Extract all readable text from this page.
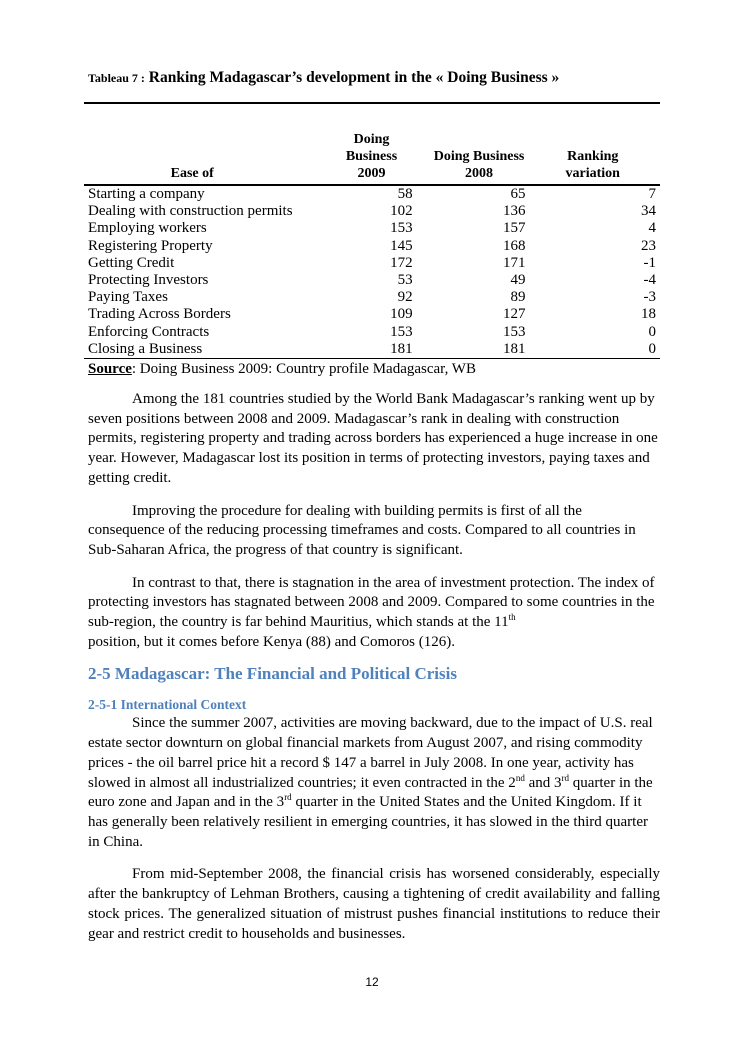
Tableau 7 : Ranking Madagascar’s development in the « Doing Business »
Ease of	Doing Business 2009	Doing Business 2008	Ranking variation
Starting a company	58	65	7
Dealing with construction permits	102	136	34
Employing workers	153	157	4
Registering Property	145	168	23
Getting Credit	172	171	-1
Protecting Investors	53	49	-4
Paying Taxes	92	89	-3
Trading Across Borders	109	127	18
Enforcing Contracts	153	153	0
Closing a Business	181	181	0
Source: Doing Business 2009: Country profile Madagascar, WB
Among the 181 countries studied by the World Bank Madagascar’s ranking went up by seven positions between 2008 and 2009. Madagascar’s rank in dealing with construction permits, registering property and trading across borders has experienced a huge increase in one year. However, Madagascar lost its position in terms of protecting investors, paying taxes and getting credit.
Improving the procedure for dealing with building permits is first of all the consequence of the reducing processing timeframes and costs. Compared to all countries in Sub-Saharan Africa, the progress of that country is significant.
In contrast to that, there is stagnation in the area of investment protection. The index of protecting investors has stagnated between 2008 and 2009. Compared to some countries in the sub-region, the country is far behind Mauritius, which stands at the 11th
position, but it comes before Kenya (88) and Comoros (126).
2-5 Madagascar: The Financial and Political Crisis
2-5-1 International Context
Since the summer 2007, activities are moving backward, due to the impact of U.S. real estate sector downturn on global financial markets from August 2007, and rising commodity prices - the oil barrel price hit a record $ 147 a barrel in July 2008. In one year, activity has slowed in almost all industrialized countries; it even contracted in the 2nd and 3rd quarter in the euro zone and Japan and in the 3rd quarter in the United States and the United Kingdom. If it has generally been relatively resilient in emerging countries, it has slowed in the third quarter in China.
From mid-September 2008, the financial crisis has worsened considerably, especially after the bankruptcy of Lehman Brothers, causing a tightening of credit availability and falling stock prices. The generalized situation of mistrust pushes financial institutions to reduce their gear and restrict credit to households and businesses.
12
